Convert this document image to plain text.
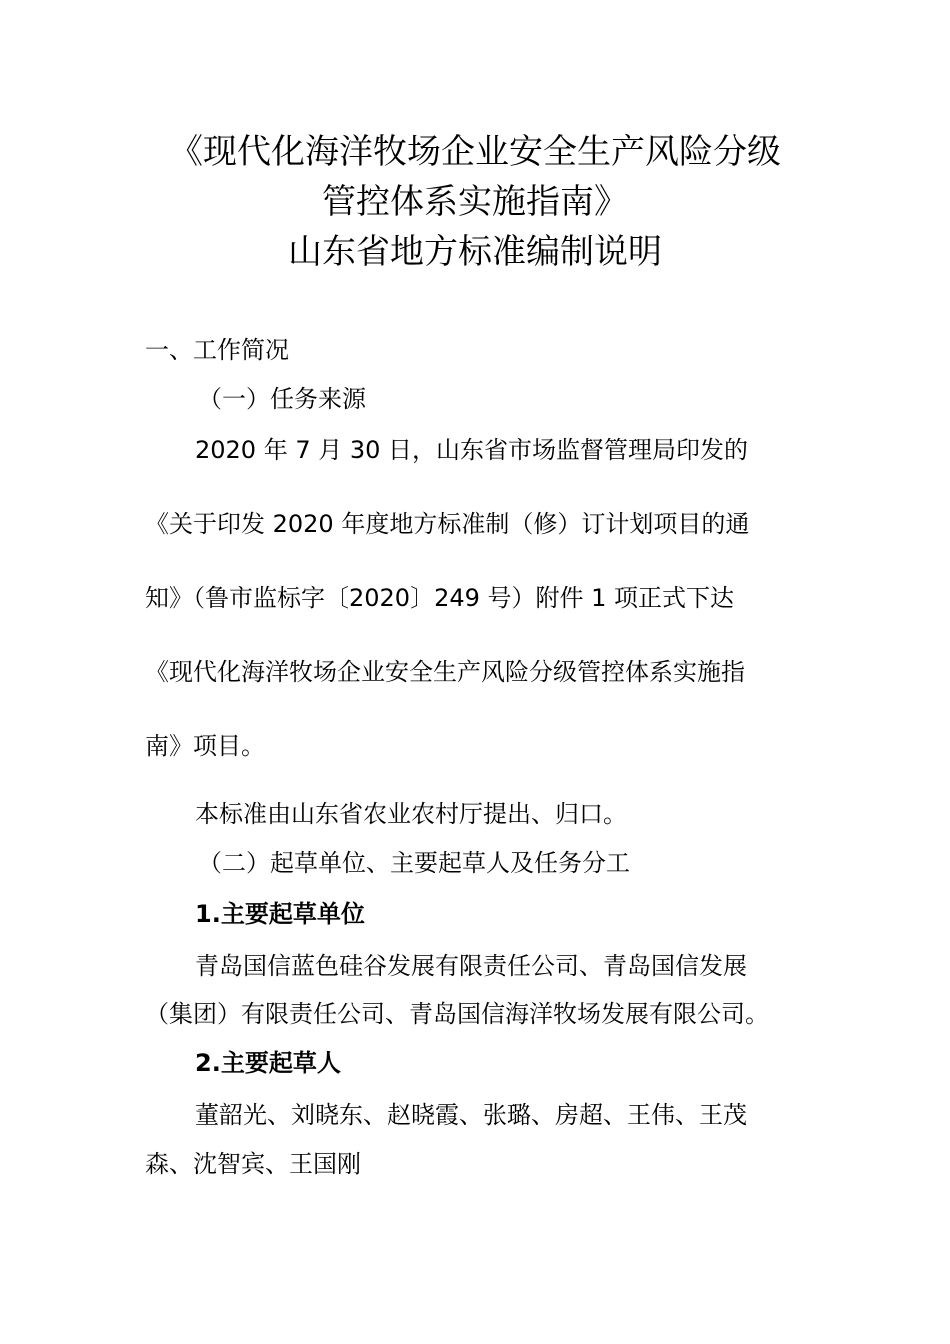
《现代化海洋牧场企业安全生产风险分级
管控体系实施指南》
山东省地方标准编制说明
一、工作简况
（一）任务来源
2020 年 7 月 30 日，山东省市场监督管理局印发的
《关于印发 2020 年度地方标准制（修）订计划项目的通
知》（鲁市监标字〔2020〕249 号）附件 1 项正式下达
《现代化海洋牧场企业安全生产风险分级管控体系实施指
南》项目。
本标准由山东省农业农村厅提出、归口。
（二）起草单位、主要起草人及任务分工
1.主要起草单位
青岛国信蓝色硅谷发展有限责任公司、青岛国信发展
（集团）有限责任公司、青岛国信海洋牧场发展有限公司。
2.主要起草人
董韶光、刘晓东、赵晓霞、张璐、房超、王伟、王茂
森、沈智宾、王国刚
